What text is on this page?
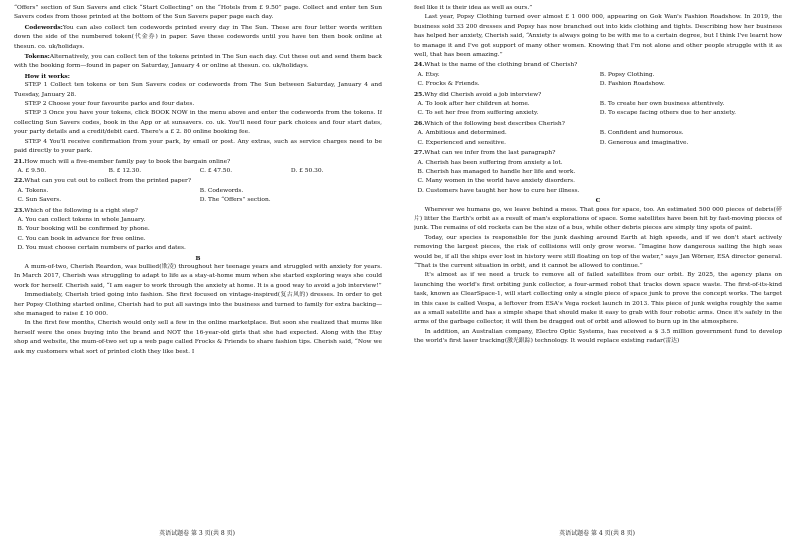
“Offers” section of Sun Savers and click “Start Collecting” on the “Hotels from £ 9.50” page. Collect and enter ten Sun Savers codes from those printed at the bottom of the Sun Savers paper page each day.

Codewords:You can also collect ten codewords printed every day in The Sun. These are four letter words written down the side of the numbered token(代金券) in paper. Save these codewords until you have ten then book online at thesun. co. uk/holidays.

Tokens:Alternatively, you can collect ten of the tokens printed in The Sun each day. Cut these out and send them back with the booking form—found in paper on Saturday, January 4 or online at thesun. co. uk/holidays.

How it works:

STEP 1 Collect ten tokens or ten Sun Savers codes or codewords from The Sun between Saturday, January 4 and Tuesday, January 28.

STEP 2 Choose your four favourite parks and four dates.

STEP 3 Once you have your tokens, click BOOK NOW in the menu above and enter the codewords from the tokens. If collecting Sun Savers codes, book in the App or at sunsavers. co. uk. You'll need four park choices and four start dates, your party details and a credit/debit card. There's a £ 2. 80 online booking fee.

STEP 4 You'll receive confirmation from your park, by email or post. Any extras, such as service charges need to be paid directly to your park.

21.How much will a five-member family pay to book the bargain online?

A. £ 9.50.	B. £ 12.30.	C. £ 47.50.	D. £ 50.30.

22.What can you cut out to collect from the printed paper?

A. Tokens.	B. Codewords.
C. Sun Savers.	D. The “Offers” section.

23.Which of the following is a right step?

A. You can collect tokens in whole January.
B. Your booking will be confirmed by phone.
C. You can book in advance for free online.
D. You must choose certain numbers of parks and dates.

B

A mum-of-two, Cherish Reardon, was bullied(欺凌) throughout her teenage years and struggled with anxiety for years. In March 2017, Cherish was struggling to adapt to life as a stay-at-home mum when she started exploring ways she could work for herself. Cherish said, “I am eager to work through the anxiety at home. It is a good way to avoid a job interview!”

Immediately, Cherish tried going into fashion. She first focused on vintage-inspired(复古风的) dresses. In order to get her Popsy Clothing started online, Cherish had to put all savings into the business and turned to family for extra backing—she managed to raise £ 10 000.

In the first few months, Cherish would only sell a few in the online marketplace. But soon she realized that mums like herself were the ones buying into the brand and NOT the 16-year-old girls that she had expected. Along with the Etsy shop and website, the mum-of-two set up a web page called Frocks & Friends to share fashion tips. Cherish said, “Now we ask my customers what sort of printed cloth they like best. I

英语试题卷 第 3 页(共 8 页)

feel like it is their idea as well as ours.”

Last year, Popsy Clothing turned over almost £ 1 000 000, appearing on Gok Wan's Fashion Roadshow. In 2019, the business sold 33 200 dresses and Popsy has now branched out into kids clothing and tights. Describing how her business has helped her anxiety, Cherish said, “Anxiety is always going to be with me to a certain degree, but I think I've learnt how to manage it and I've got support of many other women. Knowing that I'm not alone and other people struggle with it as well, that has been amazing.”

24.What is the name of the clothing brand of Cherish?

A. Etsy.	B. Popsy Clothing.
C. Frocks & Friends.	D. Fashion Roadshow.

25.Why did Cherish avoid a job interview?

A. To look after her children at home.	B. To create her own business attentively.
C. To set her free from suffering anxiety.	D. To escape facing others due to her anxiety.

26.Which of the following best describes Cherish?

A. Ambitious and determined.	B. Confident and humorous.
C. Experienced and sensitive.	D. Generous and imaginative.

27.What can we infer from the last paragraph?

A. Cherish has been suffering from anxiety a lot.
B. Cherish has managed to handle her life and work.
C. Many women in the world have anxiety disorders.
D. Customers have taught her how to cure her illness.

C

Wherever we humans go, we leave behind a mess. That goes for space, too. An estimated 500 000 pieces of debris(碎片) litter the Earth's orbit as a result of man's explorations of space. Some satellites have been hit by fast-moving pieces of junk. The remains of old rockets can be the size of a bus, while other debris pieces are simply tiny spots of paint.

Today, our species is responsible for the junk dashing around Earth at high speeds, and if we don't start actively removing the largest pieces, the risk of collisions will only grow worse. “Imagine how dangerous sailing the high seas would be, if all the ships ever lost in history were still floating on top of the water,” says Jan Wörner, ESA director general. “That is the current situation in orbit, and it cannot be allowed to continue.”

It's almost as if we need a truck to remove all of failed satellites from our orbit. By 2025, the agency plans on launching the world's first orbiting junk collector, a four-armed robot that tracks down space waste. The first-of-its-kind task, known as ClearSpace-1, will start collecting only a single piece of space junk to prove the concept works. The target in this case is called Vespa, a leftover from ESA's Vega rocket launch in 2013. This piece of junk weighs roughly the same as a small satellite and has a simple shape that should make it easy to grab with four robotic arms. Once it's safely in the arms of the garbage collector, it will then be dragged out of orbit and allowed to burn up in the atmosphere.

In addition, an Australian company, Electro Optic Systems, has received a $ 3.5 million government fund to develop the world's first laser tracking(激光跟踪) technology. It would replace existing radar(雷达)

英语试题卷 第 4 页(共 8 页)
